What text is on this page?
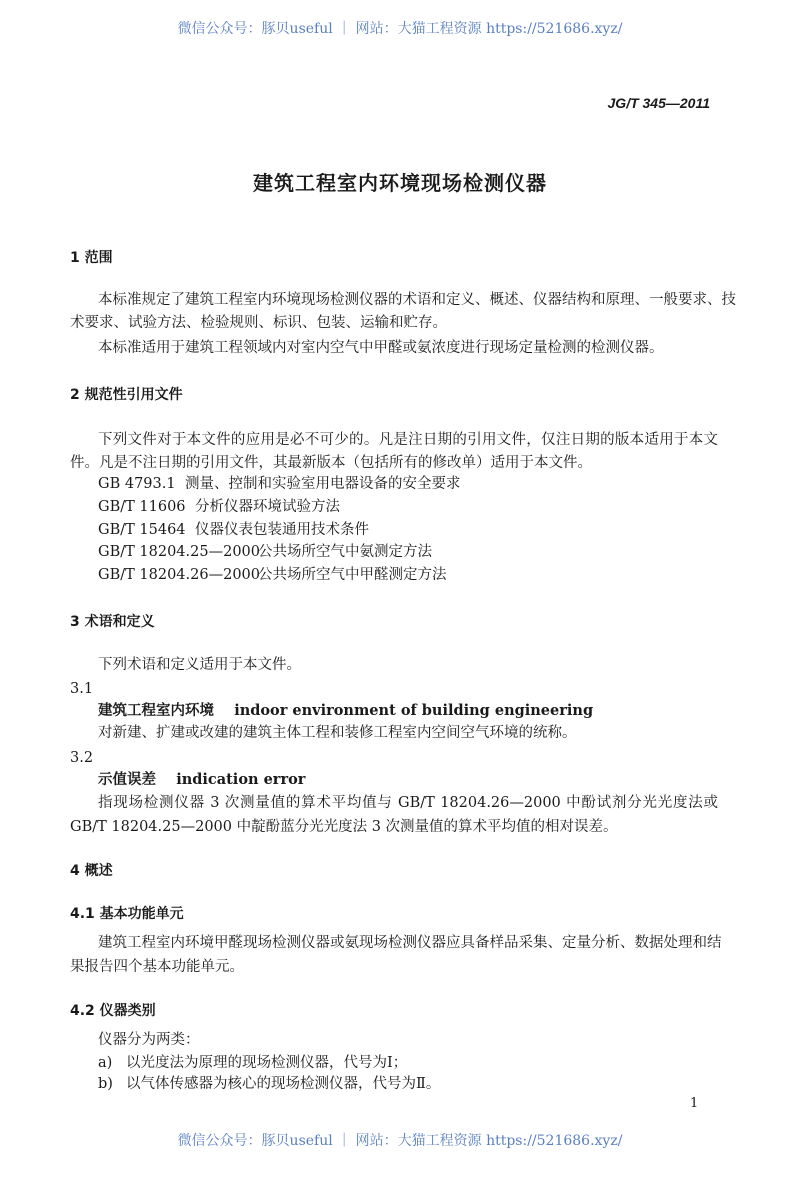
微信公众号：豚贝useful ｜ 网站：大猫工程资源 https://521686.xyz/
JG/T 345—2011
建筑工程室内环境现场检测仪器
1 范围
本标准规定了建筑工程室内环境现场检测仪器的术语和定义、概述、仪器结构和原理、一般要求、技
术要求、试验方法、检验规则、标识、包装、运输和贮存。
本标准适用于建筑工程领域内对室内空气中甲醛或氨浓度进行现场定量检测的检测仪器。
2 规范性引用文件
下列文件对于本文件的应用是必不可少的。凡是注日期的引用文件，仅注日期的版本适用于本文
件。凡是不注日期的引用文件，其最新版本（包括所有的修改单）适用于本文件。
GB 4793.1 测量、控制和实验室用电器设备的安全要求
GB/T 11606 分析仪器环境试验方法
GB/T 15464 仪器仪表包装通用技术条件
GB/T 18204.25—2000
公共场所空气中氨测定方法
GB/T 18204.26—2000
公共场所空气中甲醛测定方法
3 术语和定义
下列术语和定义适用于本文件。
3.1
建筑工程室内环境    indoor environment of building engineering
对新建、扩建或改建的建筑主体工程和装修工程室内空间空气环境的统称。
3.2
示值误差    indication error
指现场检测仪器 3 次测量值的算术平均值与 GB/T 18204.26—2000 中酚试剂分光光度法或
GB/T 18204.25—2000 中靛酚蓝分光光度法 3 次测量值的算术平均值的相对误差。
4 概述
4.1 基本功能单元
建筑工程室内环境甲醛现场检测仪器或氨现场检测仪器应具备样品采集、定量分析、数据处理和结
果报告四个基本功能单元。
4.2 仪器类别
仪器分为两类：
a) 以光度法为原理的现场检测仪器，代号为Ⅰ；
b) 以气体传感器为核心的现场检测仪器，代号为Ⅱ。
1
微信公众号：豚贝useful ｜ 网站：大猫工程资源 https://521686.xyz/
